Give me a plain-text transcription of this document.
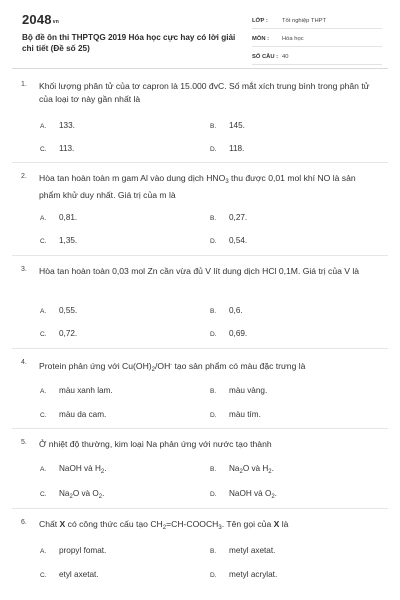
$2048^{vn}$
Bộ đề ôn thi THPTQG 2019 Hóa học cực hay có lời giải chi tiết (Đề số 25)
LỚP :	Tốt nghiệp THPT
MÔN :	Hóa học
SỐ CÂU : 40
1. Khối lượng phân tử của tơ capron là 15.000 đvC. Số mắt xích trung bình trong phân tử của loại tơ này gần nhất là
A. 133.	B. 145.
C. 113.	D. 118.
2. Hòa tan hoàn toàn m gam Al vào dung dịch $HNO_3$ thu được 0,01 mol khí NO là sản phẩm khử duy nhất. Giá trị của m là
A. 0,81.	B. 0,27.
C. 1,35.	D. 0,54.
3. Hòa tan hoàn toàn 0,03 mol Zn cần vừa đủ V lít dung dịch HCl 0,1M. Giá trị của V là
A. 0,55.	B. 0,6.
C. 0,72.	D. 0,69.
4. Protein phản ứng với $Cu(OH)_2/OH^-$ tạo sản phẩm có màu đặc trưng là
A. màu xanh lam.	B. màu vàng.
C. màu da cam.	D. màu tím.
5. Ở nhiệt độ thường, kim loại Na phản ứng với nước tạo thành
A. NaOH và $H_2$.	B. $Na_2O$ và $H_2$.
C. $Na_2O$ và $O_2$.	D. NaOH và $O_2$.
6. Chất X có công thức cấu tạo $CH_2=CH-COOCH_3$. Tên gọi của X là
A. propyl fomat.	B. metyl axetat.
C. etyl axetat.	D. metyl acrylat.
